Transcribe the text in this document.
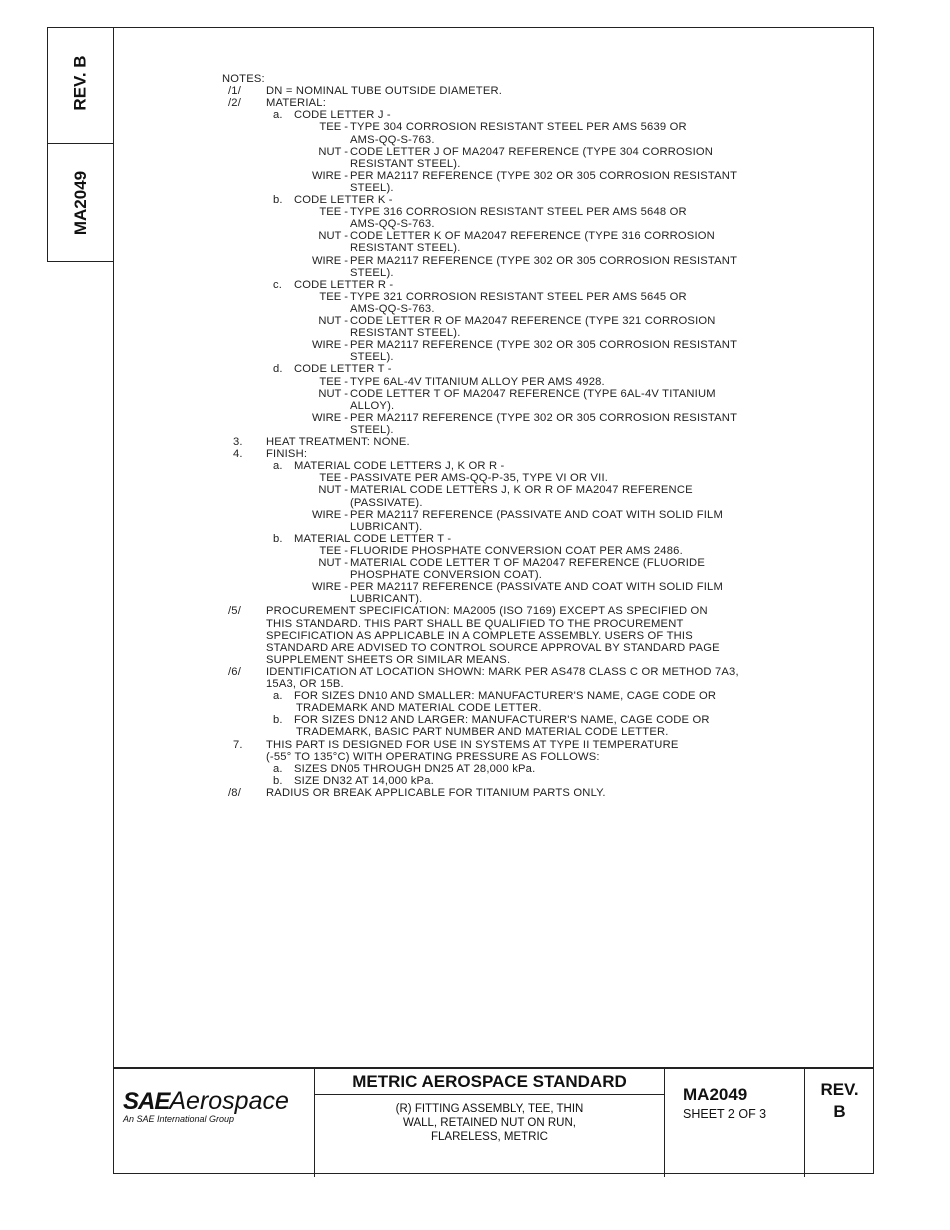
REV. B
MA2049
NOTES:
/1/ DN = NOMINAL TUBE OUTSIDE DIAMETER.
/2/ MATERIAL:
a. CODE LETTER J -
TEE - TYPE 304 CORROSION RESISTANT STEEL PER AMS 5639 OR
AMS-QQ-S-763.
NUT - CODE LETTER J OF MA2047 REFERENCE (TYPE 304 CORROSION
RESISTANT STEEL).
WIRE - PER MA2117 REFERENCE (TYPE 302 OR 305 CORROSION RESISTANT
STEEL).
b. CODE LETTER K -
TEE - TYPE 316 CORROSION RESISTANT STEEL PER AMS 5648 OR
AMS-QQ-S-763.
NUT - CODE LETTER K OF MA2047 REFERENCE (TYPE 316 CORROSION
RESISTANT STEEL).
WIRE - PER MA2117 REFERENCE (TYPE 302 OR 305 CORROSION RESISTANT
STEEL).
c. CODE LETTER R -
TEE - TYPE 321 CORROSION RESISTANT STEEL PER AMS 5645 OR
AMS-QQ-S-763.
NUT - CODE LETTER R OF MA2047 REFERENCE (TYPE 321 CORROSION
RESISTANT STEEL).
WIRE - PER MA2117 REFERENCE (TYPE 302 OR 305 CORROSION RESISTANT
STEEL).
d. CODE LETTER T -
TEE - TYPE 6AL-4V TITANIUM ALLOY PER AMS 4928.
NUT - CODE LETTER T OF MA2047 REFERENCE (TYPE 6AL-4V TITANIUM
ALLOY).
WIRE - PER MA2117 REFERENCE (TYPE 302 OR 305 CORROSION RESISTANT
STEEL).
3. HEAT TREATMENT: NONE.
4. FINISH:
a. MATERIAL CODE LETTERS J, K OR R -
TEE - PASSIVATE PER AMS-QQ-P-35, TYPE VI OR VII.
NUT - MATERIAL CODE LETTERS J, K OR R OF MA2047 REFERENCE
(PASSIVATE).
WIRE - PER MA2117 REFERENCE (PASSIVATE AND COAT WITH SOLID FILM
LUBRICANT).
b. MATERIAL CODE LETTER T -
TEE - FLUORIDE PHOSPHATE CONVERSION COAT PER AMS 2486.
NUT - MATERIAL CODE LETTER T OF MA2047 REFERENCE (FLUORIDE
PHOSPHATE CONVERSION COAT).
WIRE - PER MA2117 REFERENCE (PASSIVATE AND COAT WITH SOLID FILM
LUBRICANT).
/5/ PROCUREMENT SPECIFICATION: MA2005 (ISO 7169) EXCEPT AS SPECIFIED ON
THIS STANDARD. THIS PART SHALL BE QUALIFIED TO THE PROCUREMENT
SPECIFICATION AS APPLICABLE IN A COMPLETE ASSEMBLY. USERS OF THIS
STANDARD ARE ADVISED TO CONTROL SOURCE APPROVAL BY STANDARD PAGE
SUPPLEMENT SHEETS OR SIMILAR MEANS.
/6/ IDENTIFICATION AT LOCATION SHOWN: MARK PER AS478 CLASS C OR METHOD 7A3,
15A3, OR 15B.
a. FOR SIZES DN10 AND SMALLER: MANUFACTURER'S NAME, CAGE CODE OR
TRADEMARK AND MATERIAL CODE LETTER.
b. FOR SIZES DN12 AND LARGER: MANUFACTURER'S NAME, CAGE CODE OR
TRADEMARK, BASIC PART NUMBER AND MATERIAL CODE LETTER.
7. THIS PART IS DESIGNED FOR USE IN SYSTEMS AT TYPE II TEMPERATURE
(-55° TO 135°C) WITH OPERATING PRESSURE AS FOLLOWS:
a. SIZES DN05 THROUGH DN25 AT 28,000 kPa.
b. SIZE DN32 AT 14,000 kPa.
/8/ RADIUS OR BREAK APPLICABLE FOR TITANIUM PARTS ONLY.
SAEAerospace
An SAE International Group
METRIC AEROSPACE STANDARD
(R) FITTING ASSEMBLY, TEE, THIN
WALL, RETAINED NUT ON RUN,
FLARELESS, METRIC
MA2049
SHEET 2 OF 3
REV.
B
